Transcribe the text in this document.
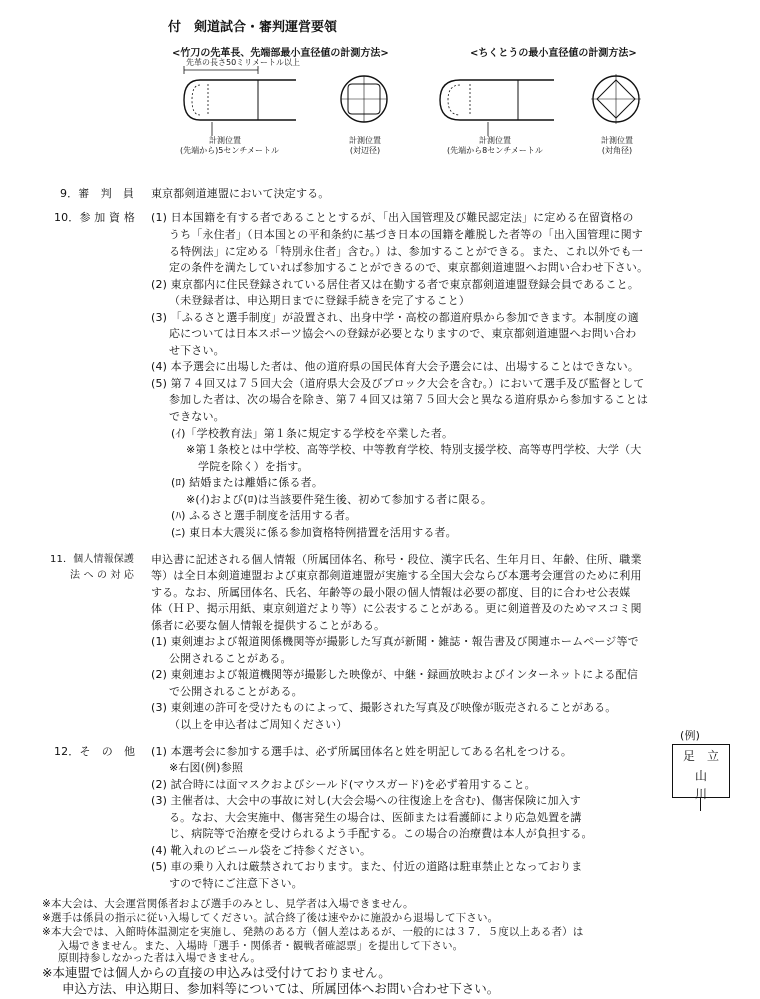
付　剣道試合・審判運営要領
<竹刀の先革長、先端部最小直径値の計測方法>	<ちくとうの最小直径値の計測方法>
先革の長さ50ミリメートル以上
計測位置
(先端から)5センチメートル
計測位置
(対辺径)
計測位置
(先端から8センチメートル
計測位置
(対角径)
9．審　判　員 東京都剣道連盟において決定する。
10．参 加 資 格 (1) 日本国籍を有する者であることとするが、「出入国管理及び難民認定法」に定める在留資格の
うち「永住者」（日本国との平和条約に基づき日本の国籍を離脱した者等の「出入国管理に関す
る特例法」に定める「特別永住者」含む。）は、参加することができる。また、これ以外でも一
定の条件を満たしていれば参加することができるので、東京都剣道連盟へお問い合わせ下さい。
(2) 東京都内に住民登録されている居住者又は在勤する者で東京都剣道連盟登録会員であること。
（未登録者は、申込期日までに登録手続きを完了すること）
(3) 「ふるさと選手制度」が設置され、出身中学・高校の都道府県から参加できます。本制度の適
応については日本スポーツ協会への登録が必要となりますので、東京都剣道連盟へお問い合わ
せ下さい。
(4) 本予選会に出場した者は、他の道府県の国民体育大会予選会には、出場することはできない。
(5) 第７４回又は７５回大会（道府県大会及びブロック大会を含む。）において選手及び監督として
参加した者は、次の場合を除き、第７４回又は第７５回大会と異なる道府県から参加することは
できない。
(ｲ)「学校教育法」第１条に規定する学校を卒業した者。
※第１条校とは中学校、高等学校、中等教育学校、特別支援学校、高等専門学校、大学（大
学院を除く）を指す。
(ﾛ) 結婚または離婚に係る者。
※(ｲ)および(ﾛ)は当該要件発生後、初めて参加する者に限る。
(ﾊ) ふるさと選手制度を活用する者。
(ﾆ) 東日本大震災に係る参加資格特例措置を活用する者。
11．個人情報保護
法 へ の 対 応
申込書に記述される個人情報（所属団体名、称号・段位、漢字氏名、生年月日、年齢、住所、職業
等）は全日本剣道連盟および東京都剣道連盟が実施する全国大会ならび本選考会運営のために利用
する。なお、所属団体名、氏名、年齢等の最小限の個人情報は必要の都度、目的に合わせ公表媒
体（ＨＰ、掲示用紙、東京剣道だより等）に公表することがある。更に剣道普及のためマスコミ関
係者に必要な個人情報を提供することがある。
(1) 東剣連および報道関係機関等が撮影した写真が新聞・雑誌・報告書及び関連ホームページ等で
公開されることがある。
(2) 東剣連および報道機関等が撮影した映像が、中継・録画放映およびインターネットによる配信
で公開されることがある。
(3) 東剣連の許可を受けたものによって、撮影された写真及び映像が販売されることがある。
（以上を申込者はご周知ください）
12．そ　の　他 (1) 本選考会に参加する選手は、必ず所属団体名と姓を明記してある名札をつける。
※右図(例)参照
(2) 試合時には面マスクおよびシールド(マウスガード)を必ず着用すること。
(3) 主催者は、大会中の事故に対し(大会会場への往復途上を含む)、傷害保険に加入す
る。なお、大会実施中、傷害発生の場合は、医師または看護師により応急処置を講
じ、病院等で治療を受けられるよう手配する。この場合の治療費は本人が負担する。
(4) 靴入れのビニール袋をご持参ください。
(5) 車の乗り入れは厳禁されております。また、付近の道路は駐車禁止となっておりま
すので特にご注意下さい。
(例)
足 立
山
川
※本大会は、大会運営関係者および選手のみとし、見学者は入場できません。
※選手は係員の指示に従い入場してください。試合終了後は速やかに施設から退場して下さい。
※本大会では、入館時体温測定を実施し、発熱のある方（個人差はあるが、一般的には３７．５度以上ある者）は
入場できません。また、入場時「選手・関係者・観戦者確認票」を提出して下さい。
原則持参しなかった者は入場できません。
※本連盟では個人からの直接の申込みは受付けておりません。
申込方法、申込期日、参加料等については、所属団体へお問い合わせ下さい。
